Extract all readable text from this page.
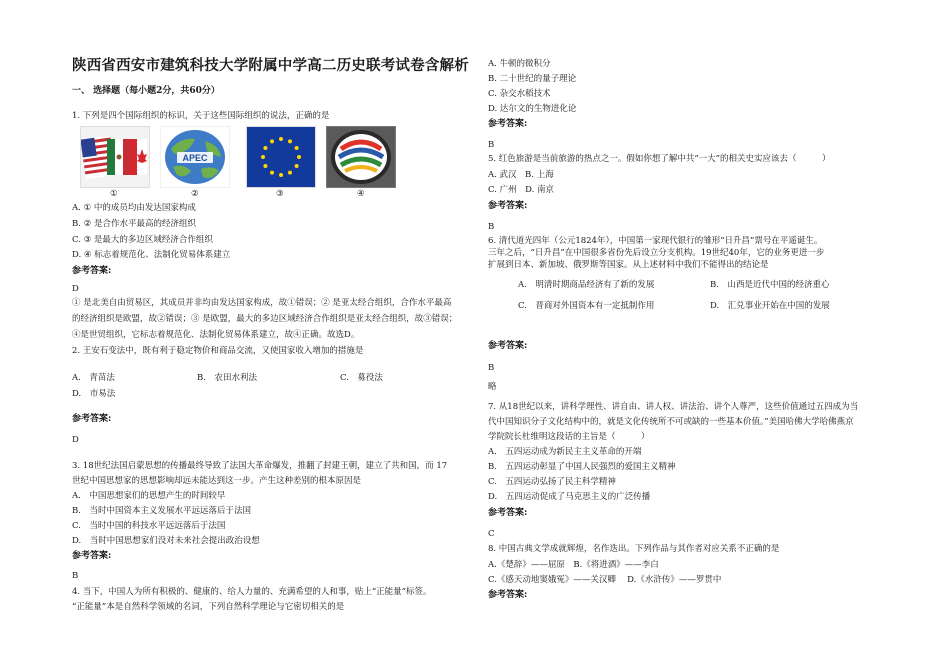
陕西省西安市建筑科技大学附属中学高二历史联考试卷含解析
一、 选择题（每小题2分，共60分）
1. 下列是四个国际组织的标识，关于这些国际组织的说法，正确的是
APEC
①	②	③	④
A. ① 中的成员均由发达国家构成
B. ② 是合作水平最高的经济组织
C. ③ 是最大的多边区域经济合作组织
D. ④ 标志着规范化、法制化贸易体系建立
参考答案:
D
① 是北美自由贸易区，其成员并非均由发达国家构成，故①错误；② 是亚太经合组织，合作水平最高
的经济组织是欧盟，故②错误；③ 是欧盟，最大的多边区域经济合作组织是亚太经合组织，故③错误；
④是世贸组织，它标志着规范化、法制化贸易体系建立，故④正确。故选D。
2. 王安石变法中，既有利于稳定物价和商品交流，又使国家收入增加的措施是
A.　青苗法	B.　农田水利法	C.　募役法
D.　市易法
参考答案:
D
3. 18世纪法国启蒙思想的传播最终导致了法国大革命爆发，推翻了封建王朝，建立了共和国，而 17
世纪中国思想家的思想影响却远未能达到这一步。产生这种差别的根本原因是
A.　中国思想家们的思想产生的时间较早
B.　当时中国资本主义发展水平远远落后于法国
C.　当时中国的科技水平远远落后于法国
D.　当时中国思想家们没对未来社会提出政治设想
参考答案:
B
4. 当下，中国人为所有积极的、健康的、给人力量的、充满希望的人和事，贴上“正能量”标签。
“正能量”本是自然科学领域的名词，下列自然科学理论与它密切相关的是
A. 牛顿的微积分
B. 二十世纪的量子理论
C. 杂交水稻技术
D. 达尔文的生物进化论
参考答案:
B
5. 红色旅游是当前旅游的热点之一。假如你想了解中共“一大”的相关史实应该去（　　　）
A. 武汉　B. 上海
C. 广州　D. 南京
参考答案:
B
6. 清代道光四年（公元1824年），中国第一家现代银行的雏形“日升昌”票号在平遥诞生。
三年之后，“日升昌”在中国很多省份先后设立分支机构。19世纪40年，它的业务更进一步
扩展到日本、新加坡、俄罗斯等国家。从上述材料中我们不能得出的结论是
A.　明清时期商品经济有了新的发展	B.　山西是近代中国的经济重心
C.　晋商对外国资本有一定抵制作用	D.　汇兑事业开始在中国的发展
参考答案:
B
略
7. 从18世纪以来，讲科学理性、讲自由、讲人权、讲法治、讲个人尊严，这些价值通过五四成为当
代中国知识分子文化结构中的，就是文化传统所不可或缺的一些基本价值。”美国哈佛大学哈佛燕京
学院院长杜维明这段话的主旨是（　　　）
A.　五四运动成为新民主主义革命的开端
B.　五四运动彰显了中国人民强烈的爱国主义精神
C.　五四运动弘扬了民主科学精神
D.　五四运动促成了马克思主义的广泛传播
参考答案:
C
8. 中国古典文学成就辉煌，名作迭出。下列作品与其作者对应关系不正确的是
A.《楚辞》——屈原　B.《将进酒》——李白
C.《感天动地窦娥冤》——关汉卿　 D.《水浒传》——罗贯中
参考答案:
